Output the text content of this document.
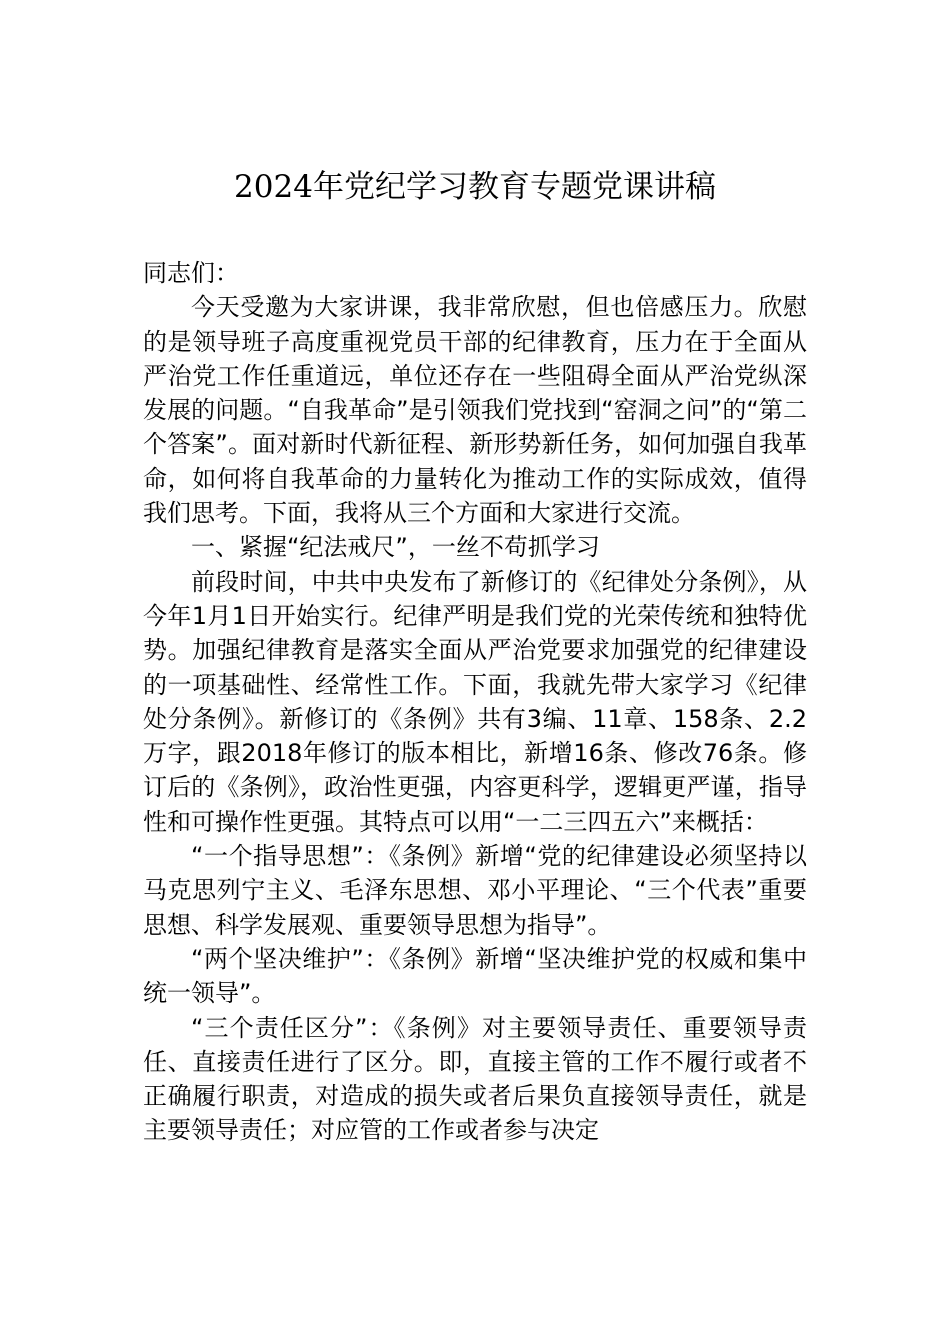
2024年党纪学习教育专题党课讲稿

同志们：

今天受邀为大家讲课，我非常欣慰，但也倍感压力。欣慰的是领导班子高度重视党员干部的纪律教育，压力在于全面从严治党工作任重道远，单位还存在一些阻碍全面从严治党纵深发展的问题。“自我革命”是引领我们党找到“窑洞之问”的“第二个答案”。面对新时代新征程、新形势新任务，如何加强自我革命，如何将自我革命的力量转化为推动工作的实际成效，值得我们思考。下面，我将从三个方面和大家进行交流。

一、紧握“纪法戒尺”，一丝不苟抓学习

前段时间，中共中央发布了新修订的《纪律处分条例》，从今年1月1日开始实行。纪律严明是我们党的光荣传统和独特优势。加强纪律教育是落实全面从严治党要求加强党的纪律建设的一项基础性、经常性工作。下面，我就先带大家学习《纪律处分条例》。新修订的《条例》共有3编、11章、158条、2.2万字，跟2018年修订的版本相比，新增16条、修改76条。修订后的《条例》，政治性更强，内容更科学，逻辑更严谨，指导性和可操作性更强。其特点可以用“一二三四五六”来概括：

“一个指导思想”：《条例》新增“党的纪律建设必须坚持以马克思列宁主义、毛泽东思想、邓小平理论、“三个代表”重要思想、科学发展观、重要领导思想为指导”。

“两个坚决维护”：《条例》新增“坚决维护党的权威和集中统一领导”。

“三个责任区分”：《条例》对主要领导责任、重要领导责任、直接责任进行了区分。即，直接主管的工作不履行或者不正确履行职责，对造成的损失或者后果负直接领导责任，就是主要领导责任；对应管的工作或者参与决定
